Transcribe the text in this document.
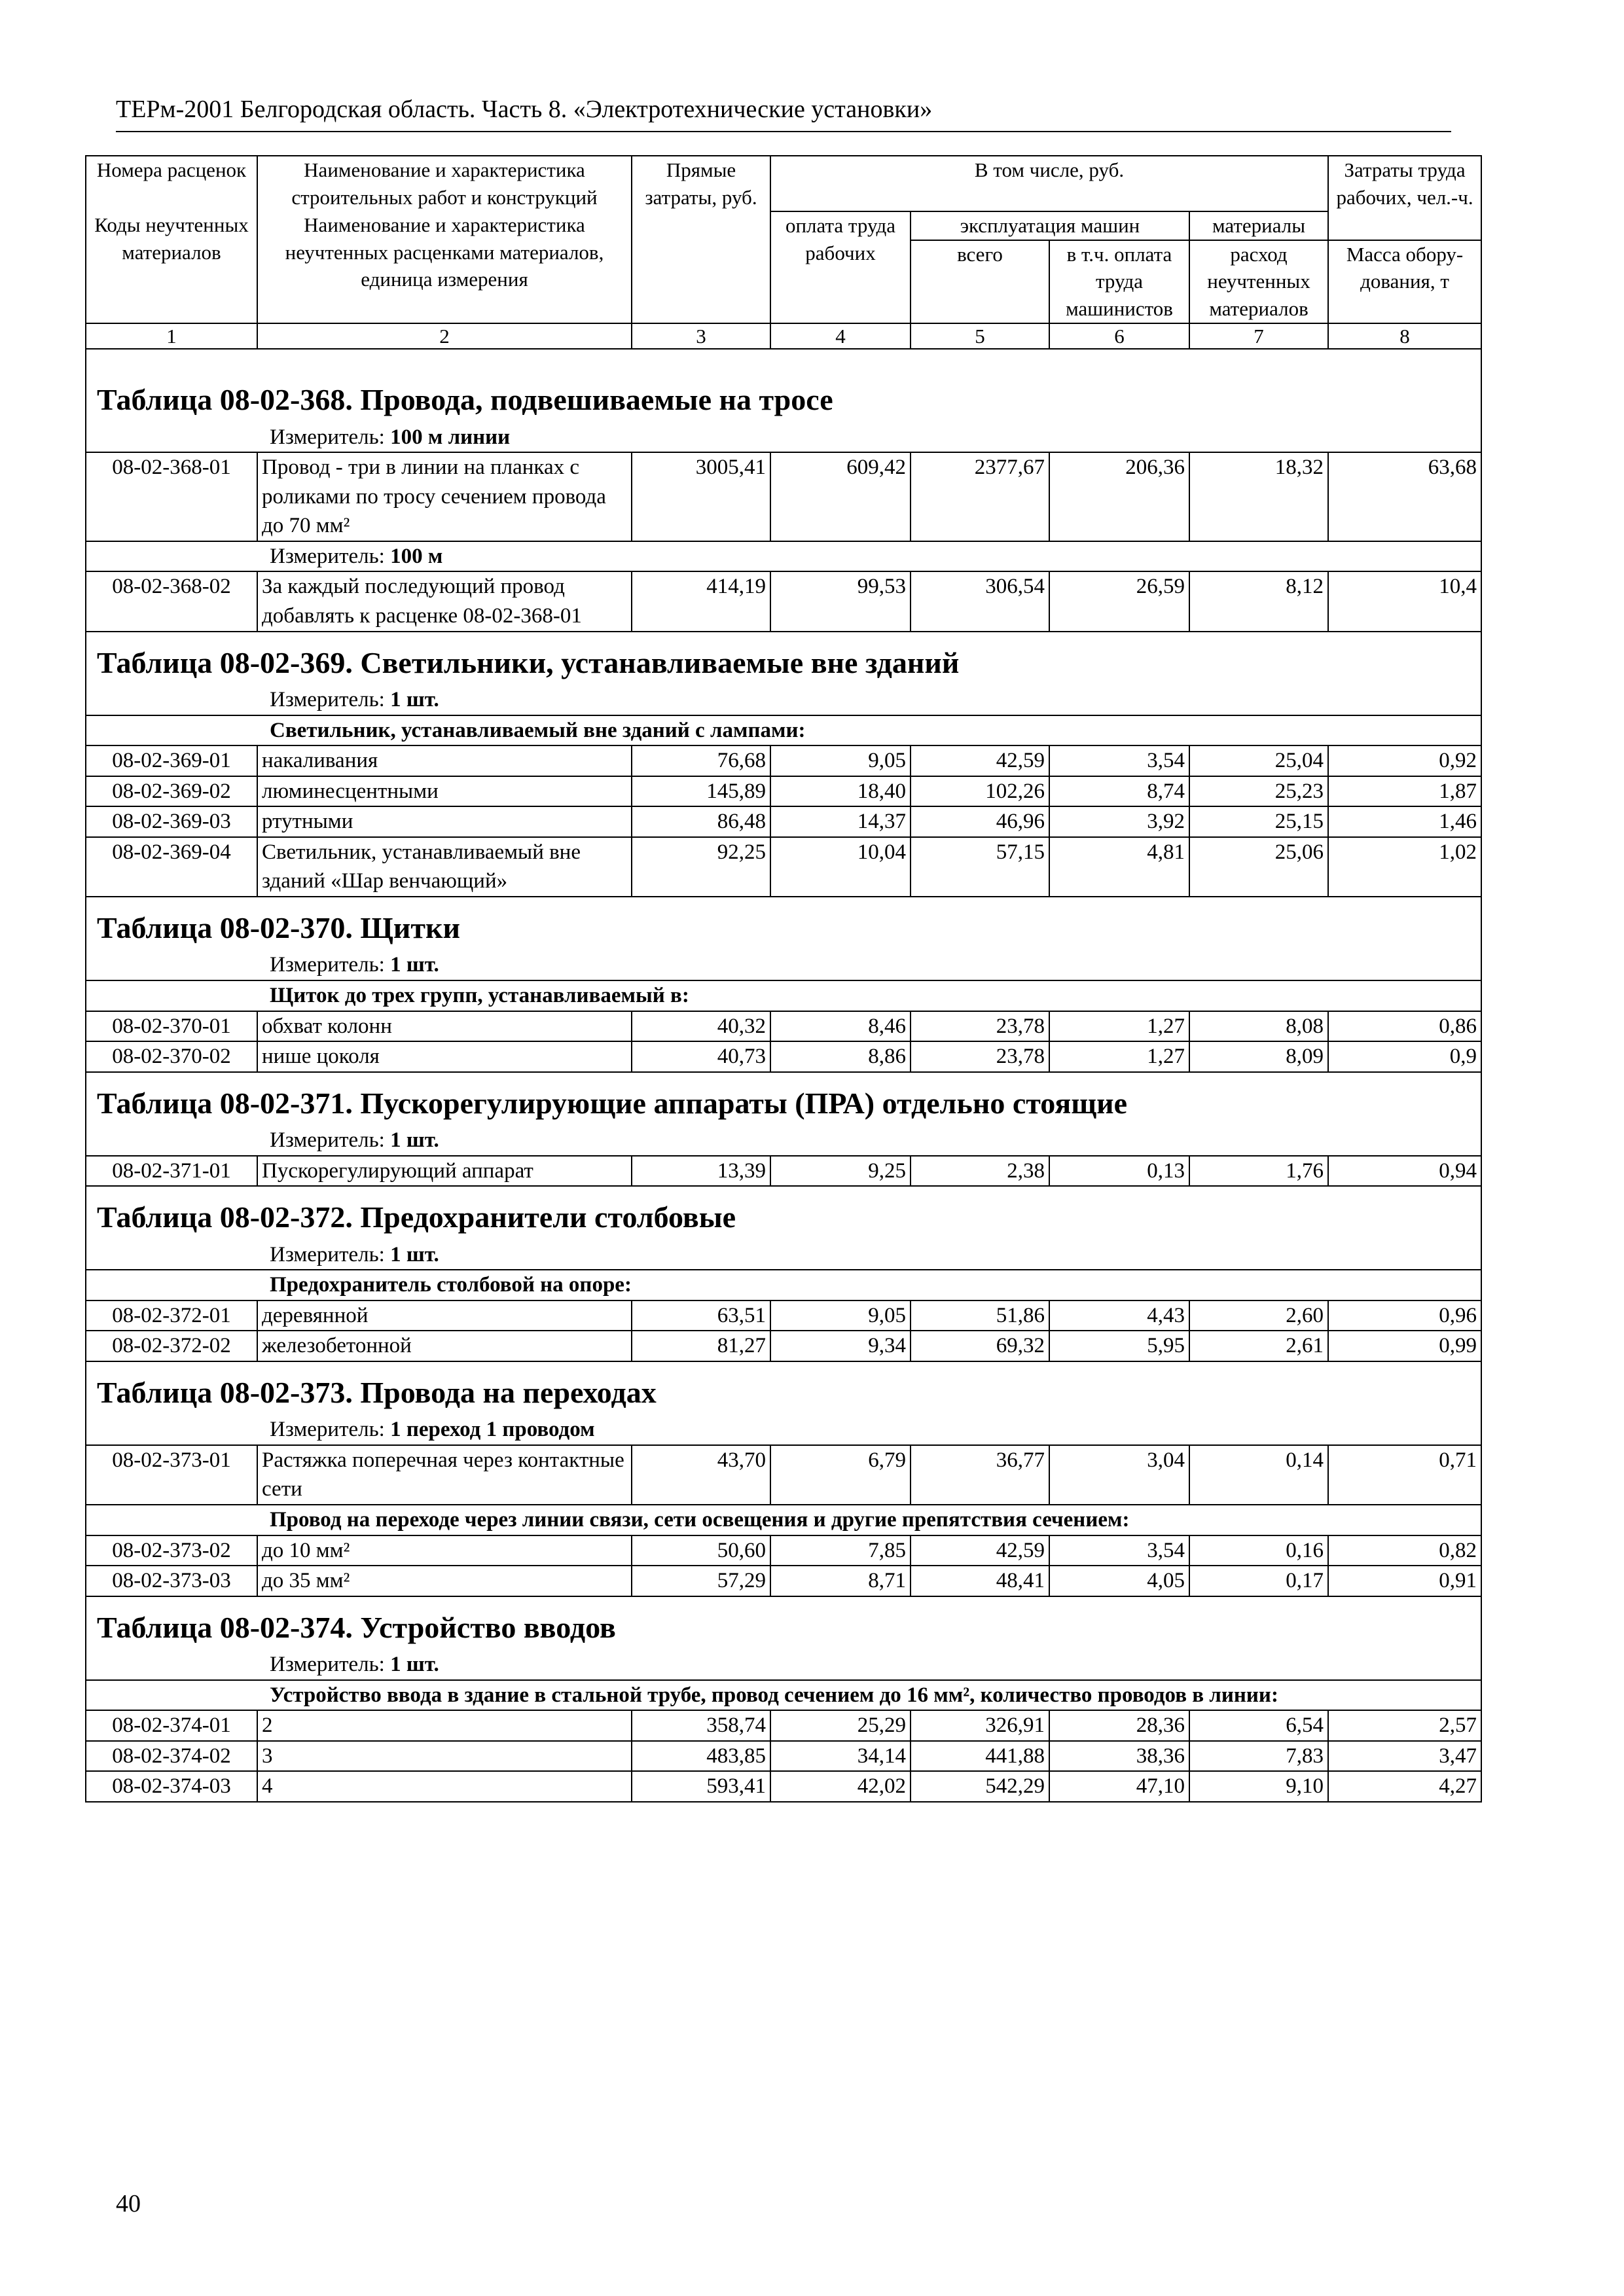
ТЕРм-2001 Белгородская область. Часть 8. «Электротехнические установки»
Номера расценок	Наименование и характеристика строительных работ и конструкций	Прямые затраты, руб.	В том числе, руб.				Затраты труда рабочих, чел.-ч.
Коды неучтенных материалов	Наименование и характеристика неучтенных расценками материалов, единица измерения		оплата труда рабочих	эксплуатация машин		материалы	
				всего	в т.ч. оплата труда машинистов	расход неучтенных материалов	
							Масса обору-дования, т
1	2	3	4	5	6	7	8

Таблица 08-02-368. Провода, подвешиваемые на тросе							
Измеритель: 100 м линии							
08-02-368-01	Провод - три в линии на планках с роликами по тросу сечением провода до 70 мм²	3005,41	609,42	2377,67	206,36	18,32	63,68
Измеритель: 100 м							
08-02-368-02	За каждый последующий провод добавлять к расценке 08-02-368-01	414,19	99,53	306,54	26,59	8,12	10,4
Таблица 08-02-369. Светильники, устанавливаемые вне зданий							
Измеритель: 1 шт.							
Светильник, устанавливаемый вне зданий с лампами:							
08-02-369-01	накаливания	76,68	9,05	42,59	3,54	25,04	0,92
08-02-369-02	люминесцентными	145,89	18,40	102,26	8,74	25,23	1,87
08-02-369-03	ртутными	86,48	14,37	46,96	3,92	25,15	1,46
08-02-369-04	Светильник, устанавливаемый вне зданий «Шар венчающий»	92,25	10,04	57,15	4,81	25,06	1,02
Таблица 08-02-370. Щитки							
Измеритель: 1 шт.							
Щиток до трех групп, устанавливаемый в:							
08-02-370-01	обхват колонн	40,32	8,46	23,78	1,27	8,08	0,86
08-02-370-02	нише цоколя	40,73	8,86	23,78	1,27	8,09	0,9
Таблица 08-02-371. Пускорегулирующие аппараты (ПРА) отдельно стоящие							
Измеритель: 1 шт.							
08-02-371-01	Пускорегулирующий аппарат	13,39	9,25	2,38	0,13	1,76	0,94
Таблица 08-02-372. Предохранители столбовые							
Измеритель: 1 шт.							
Предохранитель столбовой на опоре:							
08-02-372-01	деревянной	63,51	9,05	51,86	4,43	2,60	0,96
08-02-372-02	железобетонной	81,27	9,34	69,32	5,95	2,61	0,99
Таблица 08-02-373. Провода на переходах							
Измеритель: 1 переход 1 проводом							
08-02-373-01	Растяжка поперечная через контактные сети	43,70	6,79	36,77	3,04	0,14	0,71
Провод на переходе через линии связи, сети освещения и другие препятствия сечением:							
08-02-373-02	до 10 мм²	50,60	7,85	42,59	3,54	0,16	0,82
08-02-373-03	до 35 мм²	57,29	8,71	48,41	4,05	0,17	0,91
Таблица 08-02-374. Устройство вводов							
Измеритель: 1 шт.							
Устройство ввода в здание в стальной трубе, провод сечением до 16 мм², количество проводов в линии:							
08-02-374-01	2	358,74	25,29	326,91	28,36	6,54	2,57
08-02-374-02	3	483,85	34,14	441,88	38,36	7,83	3,47
08-02-374-03	4	593,41	42,02	542,29	47,10	9,10	4,27
40
